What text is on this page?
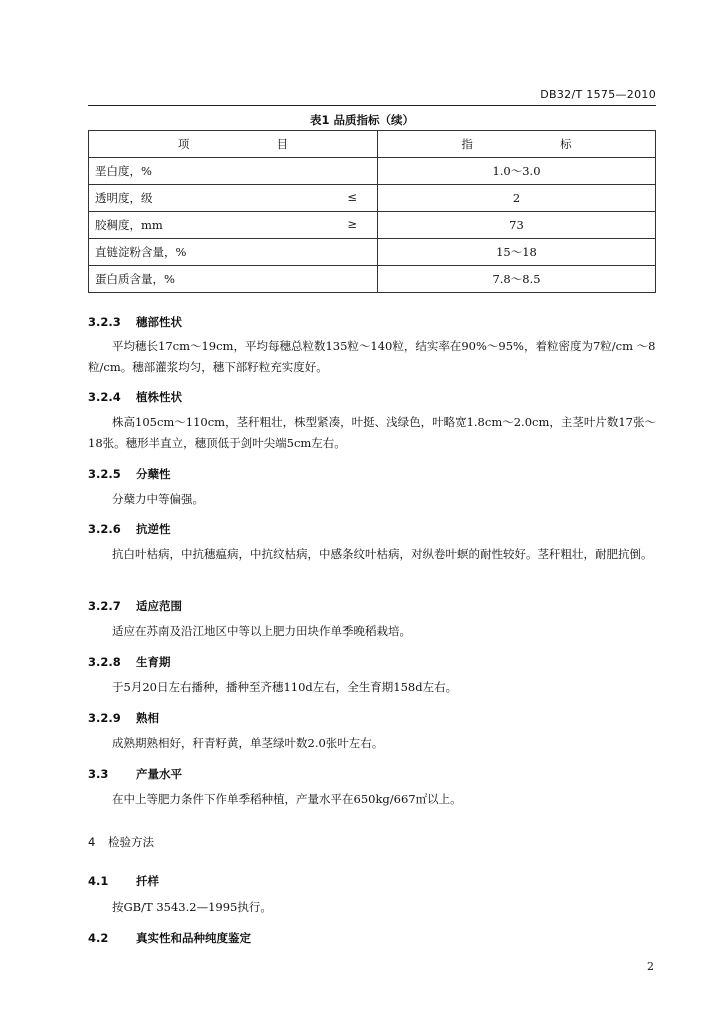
DB32/T 1575—2010
表1 品质指标（续）
项 目	指 标
垩白度，%	1.0～3.0
透明度，级 ≤	2
胶稠度，mm ≥	73
直链淀粉含量，%	15～18
蛋白质含量，%	7.8～8.5
3.2.3 穗部性状
平均穗长17cm～19cm，平均每穗总粒数135粒～140粒，结实率在90%～95%，着粒密度为7粒/cm ～8粒/cm。穗部灌浆均匀，穗下部籽粒充实度好。
3.2.4 植株性状
株高105cm～110cm，茎秆粗壮，株型紧凑，叶挺、浅绿色，叶略宽1.8cm～2.0cm，主茎叶片数17张～18张。穗形半直立，穗顶低于剑叶尖端5cm左右。
3.2.5 分蘖性
分蘖力中等偏强。
3.2.6 抗逆性
抗白叶枯病，中抗穗瘟病，中抗纹枯病，中感条纹叶枯病，对纵卷叶螟的耐性较好。茎秆粗壮，耐肥抗倒。
3.2.7 适应范围
适应在苏南及沿江地区中等以上肥力田块作单季晚稻栽培。
3.2.8 生育期
于5月20日左右播种，播种至齐穗110d左右，全生育期158d左右。
3.2.9 熟相
成熟期熟相好，秆青籽黄，单茎绿叶数2.0张叶左右。
3.3 产量水平
在中上等肥力条件下作单季稻种植，产量水平在650kg/667㎡以上。
4 检验方法
4.1 扦样
按GB/T 3543.2—1995执行。
4.2 真实性和品种纯度鉴定
2
